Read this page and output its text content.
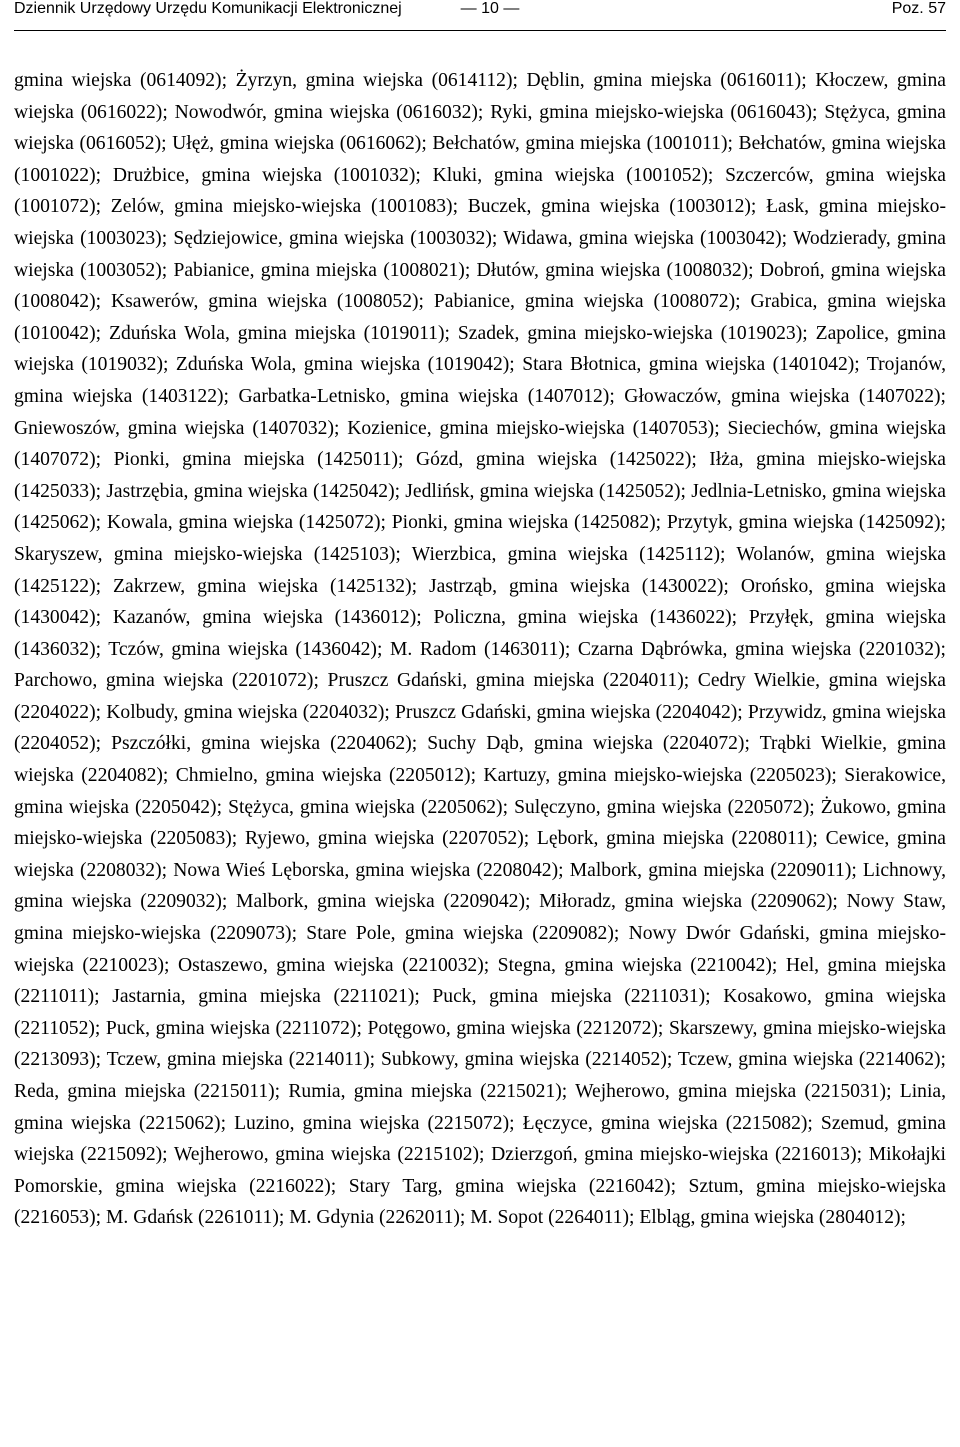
Dziennik Urzędowy Urzędu Komunikacji Elektronicznej	— 10 —	Poz. 57

gmina wiejska (0614092); Żyrzyn, gmina wiejska (0614112); Dęblin, gmina miejska (0616011); Kłoczew, gmina wiejska (0616022); Nowodwór, gmina wiejska (0616032); Ryki, gmina miejsko-wiejska (0616043); Stężyca, gmina wiejska (0616052); Ułęż, gmina wiejska (0616062); Bełchatów, gmina miejska (1001011); Bełchatów, gmina wiejska (1001022); Drużbice, gmina wiejska (1001032); Kluki, gmina wiejska (1001052); Szczerców, gmina wiejska (1001072); Zelów, gmina miejsko-wiejska (1001083); Buczek, gmina wiejska (1003012); Łask, gmina miejsko-wiejska (1003023); Sędziejowice, gmina wiejska (1003032); Widawa, gmina wiejska (1003042); Wodzierady, gmina wiejska (1003052); Pabianice, gmina miejska (1008021); Dłutów, gmina wiejska (1008032); Dobroń, gmina wiejska (1008042); Ksawerów, gmina wiejska (1008052); Pabianice, gmina wiejska (1008072); Grabica, gmina wiejska (1010042); Zduńska Wola, gmina miejska (1019011); Szadek, gmina miejsko-wiejska (1019023); Zapolice, gmina wiejska (1019032); Zduńska Wola, gmina wiejska (1019042); Stara Błotnica, gmina wiejska (1401042); Trojanów, gmina wiejska (1403122); Garbatka-Letnisko, gmina wiejska (1407012); Głowaczów, gmina wiejska (1407022); Gniewoszów, gmina wiejska (1407032); Kozienice, gmina miejsko-wiejska (1407053); Sieciechów, gmina wiejska (1407072); Pionki, gmina miejska (1425011); Gózd, gmina wiejska (1425022); Iłża, gmina miejsko-wiejska (1425033); Jastrzębia, gmina wiejska (1425042); Jedlińsk, gmina wiejska (1425052); Jedlnia-Letnisko, gmina wiejska (1425062); Kowala, gmina wiejska (1425072); Pionki, gmina wiejska (1425082); Przytyk, gmina wiejska (1425092); Skaryszew, gmina miejsko-wiejska (1425103); Wierzbica, gmina wiejska (1425112); Wolanów, gmina wiejska (1425122); Zakrzew, gmina wiejska (1425132); Jastrząb, gmina wiejska (1430022); Orońsko, gmina wiejska (1430042); Kazanów, gmina wiejska (1436012); Policzna, gmina wiejska (1436022); Przyłęk, gmina wiejska (1436032); Tczów, gmina wiejska (1436042); M. Radom (1463011); Czarna Dąbrówka, gmina wiejska (2201032); Parchowo, gmina wiejska (2201072); Pruszcz Gdański, gmina miejska (2204011); Cedry Wielkie, gmina wiejska (2204022); Kolbudy, gmina wiejska (2204032); Pruszcz Gdański, gmina wiejska (2204042); Przywidz, gmina wiejska (2204052); Pszczółki, gmina wiejska (2204062); Suchy Dąb, gmina wiejska (2204072); Trąbki Wielkie, gmina wiejska (2204082); Chmielno, gmina wiejska (2205012); Kartuzy, gmina miejsko-wiejska (2205023); Sierakowice, gmina wiejska (2205042); Stężyca, gmina wiejska (2205062); Sulęczyno, gmina wiejska (2205072); Żukowo, gmina miejsko-wiejska (2205083); Ryjewo, gmina wiejska (2207052); Lębork, gmina miejska (2208011); Cewice, gmina wiejska (2208032); Nowa Wieś Lęborska, gmina wiejska (2208042); Malbork, gmina miejska (2209011); Lichnowy, gmina wiejska (2209032); Malbork, gmina wiejska (2209042); Miłoradz, gmina wiejska (2209062); Nowy Staw, gmina miejsko-wiejska (2209073); Stare Pole, gmina wiejska (2209082); Nowy Dwór Gdański, gmina miejsko-wiejska (2210023); Ostaszewo, gmina wiejska (2210032); Stegna, gmina wiejska (2210042); Hel, gmina miejska (2211011); Jastarnia, gmina miejska (2211021); Puck, gmina miejska (2211031); Kosakowo, gmina wiejska (2211052); Puck, gmina wiejska (2211072); Potęgowo, gmina wiejska (2212072); Skarszewy, gmina miejsko-wiejska (2213093); Tczew, gmina miejska (2214011); Subkowy, gmina wiejska (2214052); Tczew, gmina wiejska (2214062); Reda, gmina miejska (2215011); Rumia, gmina miejska (2215021); Wejherowo, gmina miejska (2215031); Linia, gmina wiejska (2215062); Luzino, gmina wiejska (2215072); Łęczyce, gmina wiejska (2215082); Szemud, gmina wiejska (2215092); Wejherowo, gmina wiejska (2215102); Dzierzgoń, gmina miejsko-wiejska (2216013); Mikołajki Pomorskie, gmina wiejska (2216022); Stary Targ, gmina wiejska (2216042); Sztum, gmina miejsko-wiejska (2216053); M. Gdańsk (2261011); M. Gdynia (2262011); M. Sopot (2264011); Elbląg, gmina wiejska (2804012);
